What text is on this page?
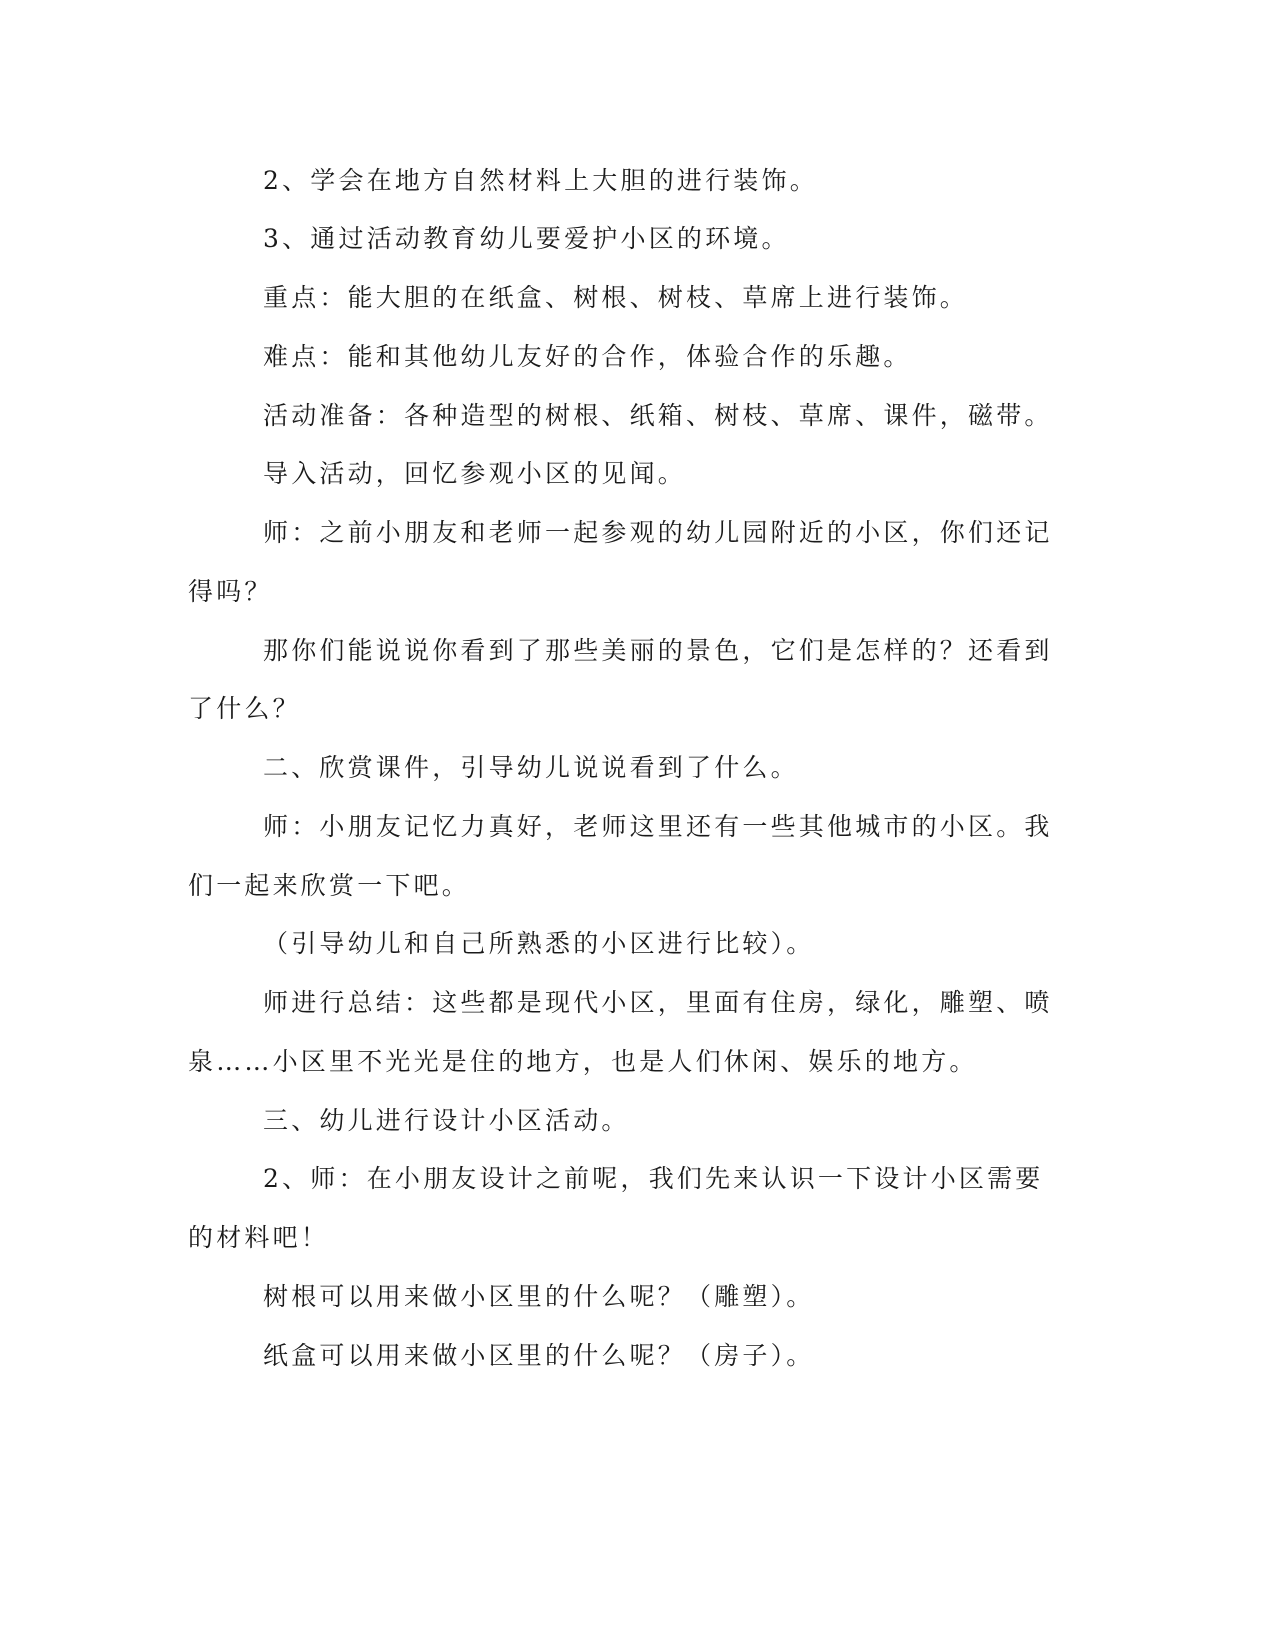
2、学会在地方自然材料上大胆的进行装饰。

3、通过活动教育幼儿要爱护小区的环境。

重点：能大胆的在纸盒、树根、树枝、草席上进行装饰。

难点：能和其他幼儿友好的合作，体验合作的乐趣。

活动准备：各种造型的树根、纸箱、树枝、草席、课件，磁带。

导入活动，回忆参观小区的见闻。

师：之前小朋友和老师一起参观的幼儿园附近的小区，你们还记

得吗？

那你们能说说你看到了那些美丽的景色，它们是怎样的？还看到

了什么？

二、欣赏课件，引导幼儿说说看到了什么。

师：小朋友记忆力真好，老师这里还有一些其他城市的小区。我

们一起来欣赏一下吧。

（引导幼儿和自己所熟悉的小区进行比较）。

师进行总结：这些都是现代小区，里面有住房，绿化，雕塑、喷

泉……小区里不光光是住的地方，也是人们休闲、娱乐的地方。

三、幼儿进行设计小区活动。

2、师：在小朋友设计之前呢，我们先来认识一下设计小区需要

的材料吧！

树根可以用来做小区里的什么呢？（雕塑）。

纸盒可以用来做小区里的什么呢？（房子）。
